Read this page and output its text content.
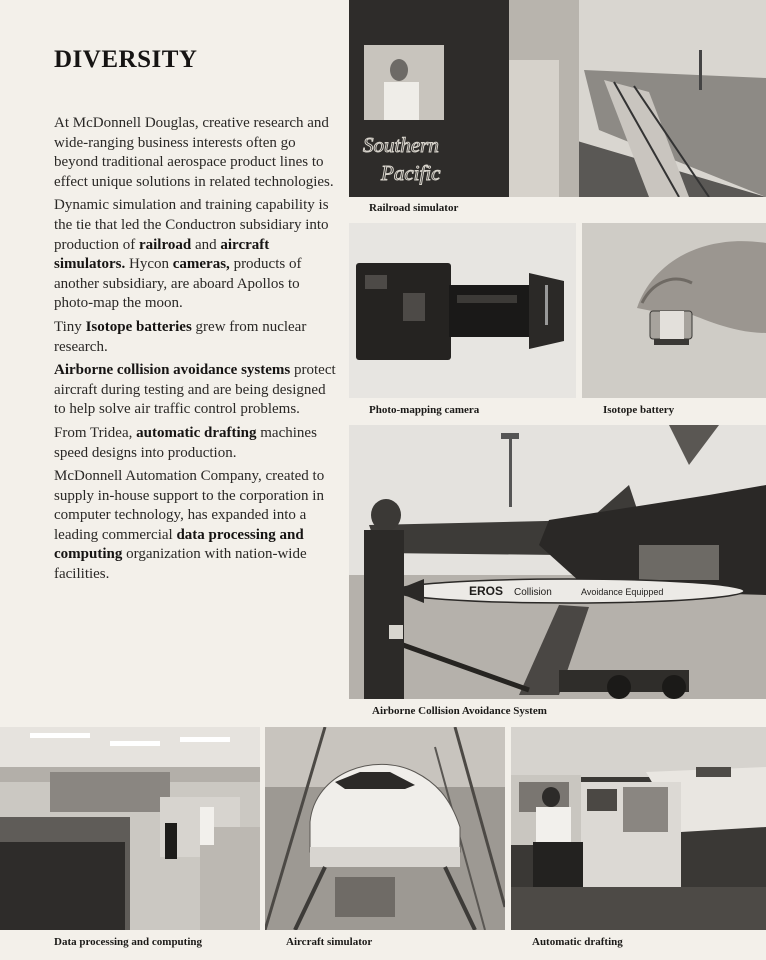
DIVERSITY

At McDonnell Douglas, creative research and wide-ranging business interests often go beyond traditional aerospace product lines to effect unique solutions in related technologies.

Dynamic simulation and training capability is the tie that led the Conductron subsidiary into production of railroad and aircraft simulators. Hycon cameras, products of another subsidiary, are aboard Apollos to photo-map the moon.

Tiny Isotope batteries grew from nuclear research.

Airborne collision avoidance systems protect aircraft during testing and are being designed to help solve air traffic control problems.

From Tridea, automatic drafting machines speed designs into production.

McDonnell Automation Company, created to supply in-house support to the corporation in computer technology, has expanded into a leading commercial data processing and computing organization with nation-wide facilities.

Southern
Pacific
Railroad simulator
Photo-mapping camera	Isotope battery
EROS Collision	Avoidance Equipped
Airborne Collision Avoidance System
Data processing and computing	Aircraft simulator	Automatic drafting
